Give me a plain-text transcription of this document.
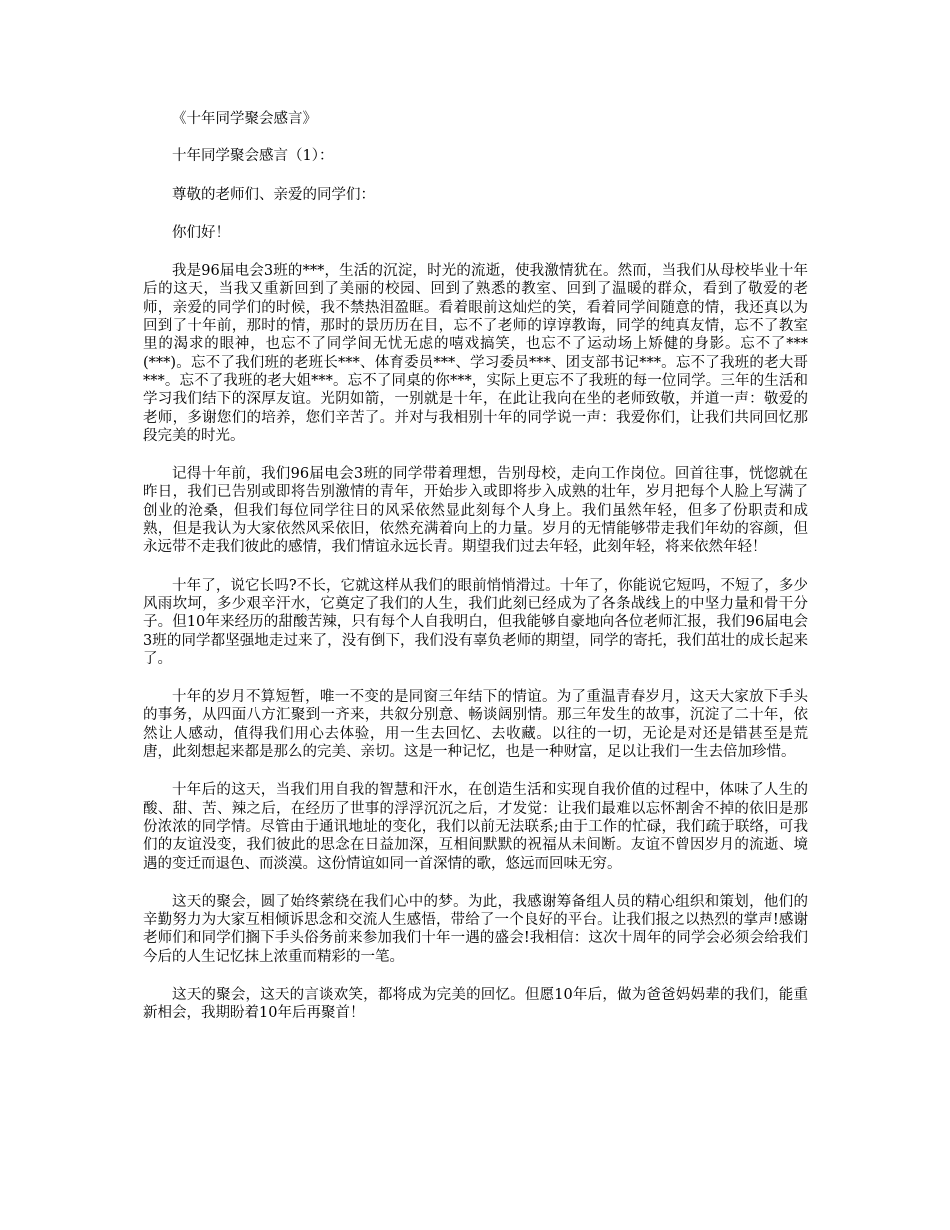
《十年同学聚会感言》

十年同学聚会感言（1）：

尊敬的老师们、亲爱的同学们：

你们好！

我是96届电会3班的***，生活的沉淀，时光的流逝，使我激情犹在。然而，当我们从母校毕业十年后的这天，当我又重新回到了美丽的校园、回到了熟悉的教室、回到了温暖的群众，看到了敬爱的老师，亲爱的同学们的时候，我不禁热泪盈眶。看着眼前这灿烂的笑，看着同学间随意的情，我还真以为回到了十年前，那时的情，那时的景历历在目，忘不了老师的谆谆教诲，同学的纯真友情，忘不了教室里的渴求的眼神，也忘不了同学间无忧无虑的嘻戏搞笑，也忘不了运动场上矫健的身影。忘不了***(***)。忘不了我们班的老班长***、体育委员***、学习委员***、团支部书记***。忘不了我班的老大哥***。忘不了我班的老大姐***。忘不了同桌的你***，实际上更忘不了我班的每一位同学。三年的生活和学习我们结下的深厚友谊。光阴如箭，一别就是十年，在此让我向在坐的老师致敬，并道一声：敬爱的老师，多谢您们的培养，您们辛苦了。并对与我相别十年的同学说一声：我爱你们，让我们共同回忆那段完美的时光。

记得十年前，我们96届电会3班的同学带着理想，告别母校，走向工作岗位。回首往事，恍惚就在昨日，我们已告别或即将告别激情的青年，开始步入或即将步入成熟的壮年，岁月把每个人脸上写满了创业的沧桑，但我们每位同学往日的风采依然显此刻每个人身上。我们虽然年轻，但多了份职责和成熟，但是我认为大家依然风采依旧，依然充满着向上的力量。岁月的无情能够带走我们年幼的容颜，但永远带不走我们彼此的感情，我们情谊永远长青。期望我们过去年轻，此刻年轻，将来依然年轻！

十年了，说它长吗?不长，它就这样从我们的眼前悄悄滑过。十年了，你能说它短吗，不短了，多少风雨坎坷，多少艰辛汗水，它奠定了我们的人生，我们此刻已经成为了各条战线上的中坚力量和骨干分子。但10年来经历的甜酸苦辣，只有每个人自我明白，但我能够自豪地向各位老师汇报，我们96届电会3班的同学都坚强地走过来了，没有倒下，我们没有辜负老师的期望，同学的寄托，我们茁壮的成长起来了。

十年的岁月不算短暂，唯一不变的是同窗三年结下的情谊。为了重温青春岁月，这天大家放下手头的事务，从四面八方汇聚到一齐来，共叙分别意、畅谈阔别情。那三年发生的故事，沉淀了二十年，依然让人感动，值得我们用心去体验，用一生去回忆、去收藏。以往的一切，无论是对还是错甚至是荒唐，此刻想起来都是那么的完美、亲切。这是一种记忆，也是一种财富，足以让我们一生去倍加珍惜。

十年后的这天，当我们用自我的智慧和汗水，在创造生活和实现自我价值的过程中，体味了人生的酸、甜、苦、辣之后，在经历了世事的浮浮沉沉之后，才发觉：让我们最难以忘怀割舍不掉的依旧是那份浓浓的同学情。尽管由于通讯地址的变化，我们以前无法联系;由于工作的忙碌，我们疏于联络，可我们的友谊没变，我们彼此的思念在日益加深，互相间默默的祝福从未间断。友谊不曾因岁月的流逝、境遇的变迁而退色、而淡漠。这份情谊如同一首深情的歌，悠远而回味无穷。

这天的聚会，圆了始终萦绕在我们心中的梦。为此，我感谢筹备组人员的精心组织和策划，他们的辛勤努力为大家互相倾诉思念和交流人生感悟，带给了一个良好的平台。让我们报之以热烈的掌声!感谢老师们和同学们搁下手头俗务前来参加我们十年一遇的盛会!我相信：这次十周年的同学会必须会给我们今后的人生记忆抹上浓重而精彩的一笔。

这天的聚会，这天的言谈欢笑，都将成为完美的回忆。但愿10年后，做为爸爸妈妈辈的我们，能重新相会，我期盼着10年后再聚首！
